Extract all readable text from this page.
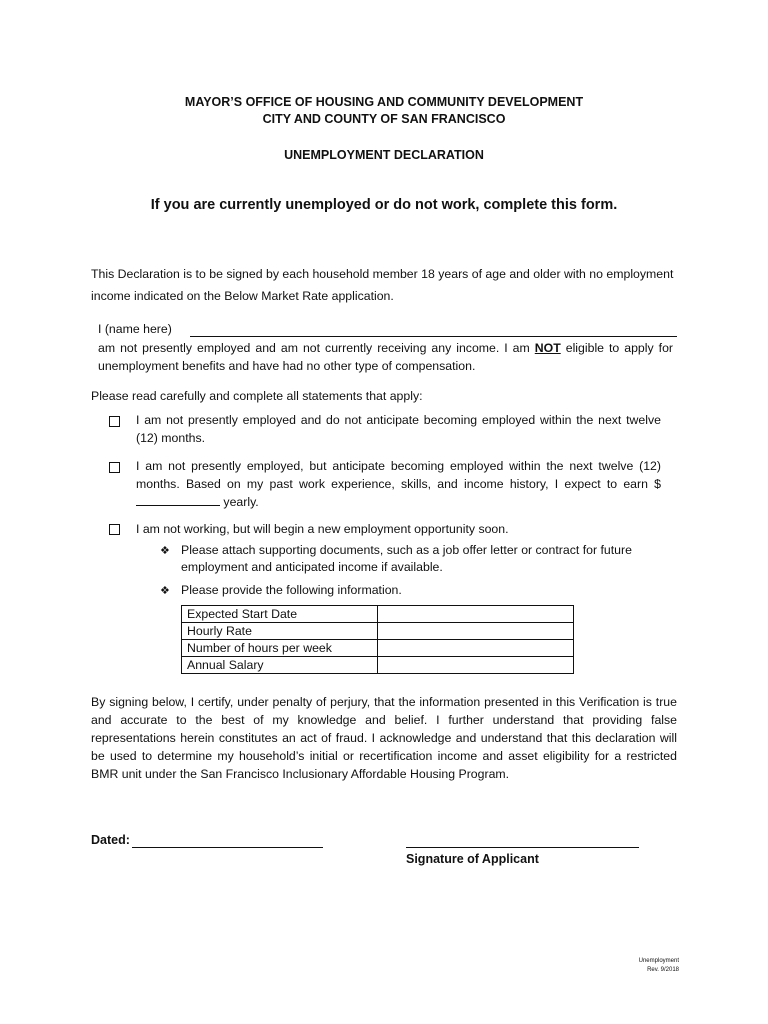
MAYOR’S OFFICE OF HOUSING AND COMMUNITY DEVELOPMENT
CITY AND COUNTY OF SAN FRANCISCO
UNEMPLOYMENT DECLARATION
If you are currently unemployed or do not work, complete this form.
This Declaration is to be signed by each household member 18 years of age and older with no employment income indicated on the Below Market Rate application.
I (name here)
am not presently employed and am not currently receiving any income. I am NOT eligible to apply for unemployment benefits and have had no other type of compensation.
Please read carefully and complete all statements that apply:
I am not presently employed and do not anticipate becoming employed within the next twelve (12) months.
I am not presently employed, but anticipate becoming employed within the next twelve (12) months. Based on my past work experience, skills, and income history, I expect to earn $ yearly.
I am not working, but will begin a new employment opportunity soon.
❖ Please attach supporting documents, such as a job offer letter or contract for future employment and anticipated income if available.
❖ Please provide the following information.
Expected Start Date	
Hourly Rate	
Number of hours per week	
Annual Salary	
By signing below, I certify, under penalty of perjury, that the information presented in this Verification is true and accurate to the best of my knowledge and belief. I further understand that providing false representations herein constitutes an act of fraud. I acknowledge and understand that this declaration will be used to determine my household’s initial or recertification income and asset eligibility for a restricted BMR unit under the San Francisco Inclusionary Affordable Housing Program.
Dated:
Signature of Applicant
Unemployment
Rev. 9/2018
